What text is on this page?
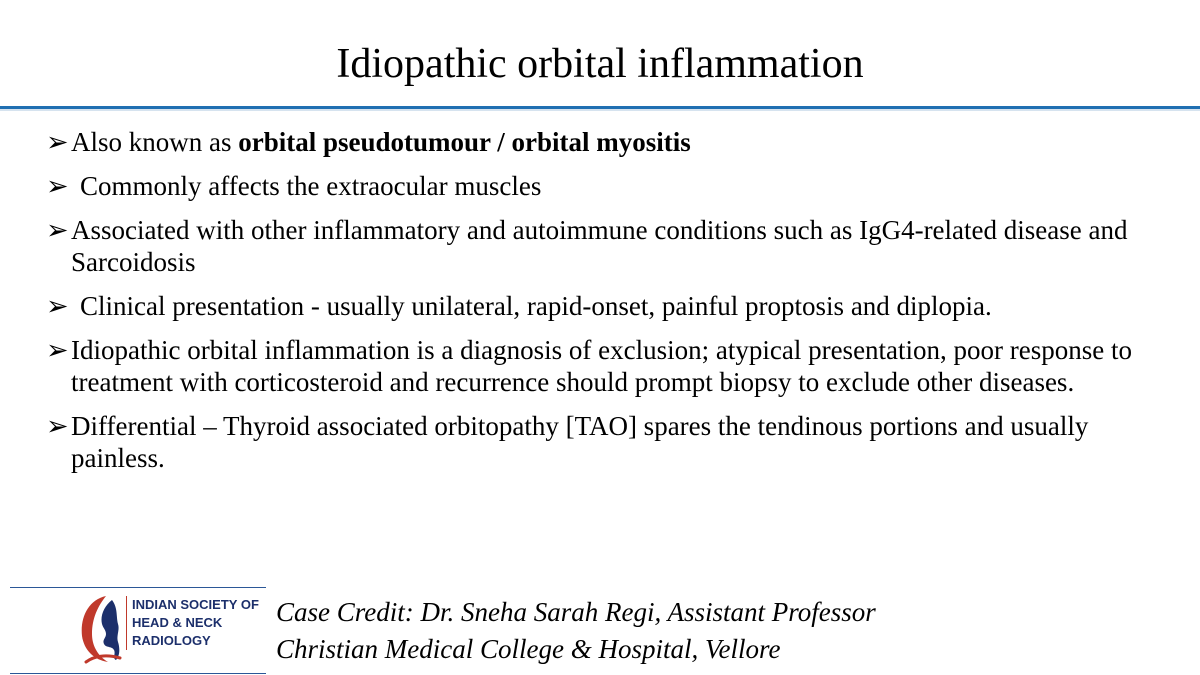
Idiopathic orbital inflammation
➢ Also known as orbital pseudotumour / orbital myositis
➢ Commonly affects the extraocular muscles
➢ Associated with other inflammatory and autoimmune conditions such as IgG4-related disease and Sarcoidosis
➢ Clinical presentation - usually unilateral, rapid-onset, painful proptosis and diplopia.
➢ Idiopathic orbital inflammation is a diagnosis of exclusion; atypical presentation, poor response to treatment with corticosteroid and recurrence should prompt biopsy to exclude other diseases.
➢ Differential – Thyroid associated orbitopathy [TAO] spares the tendinous portions and usually painless.
INDIAN SOCIETY OF
HEAD & NECK
RADIOLOGY
Case Credit: Dr. Sneha Sarah Regi, Assistant Professor
Christian Medical College & Hospital, Vellore
